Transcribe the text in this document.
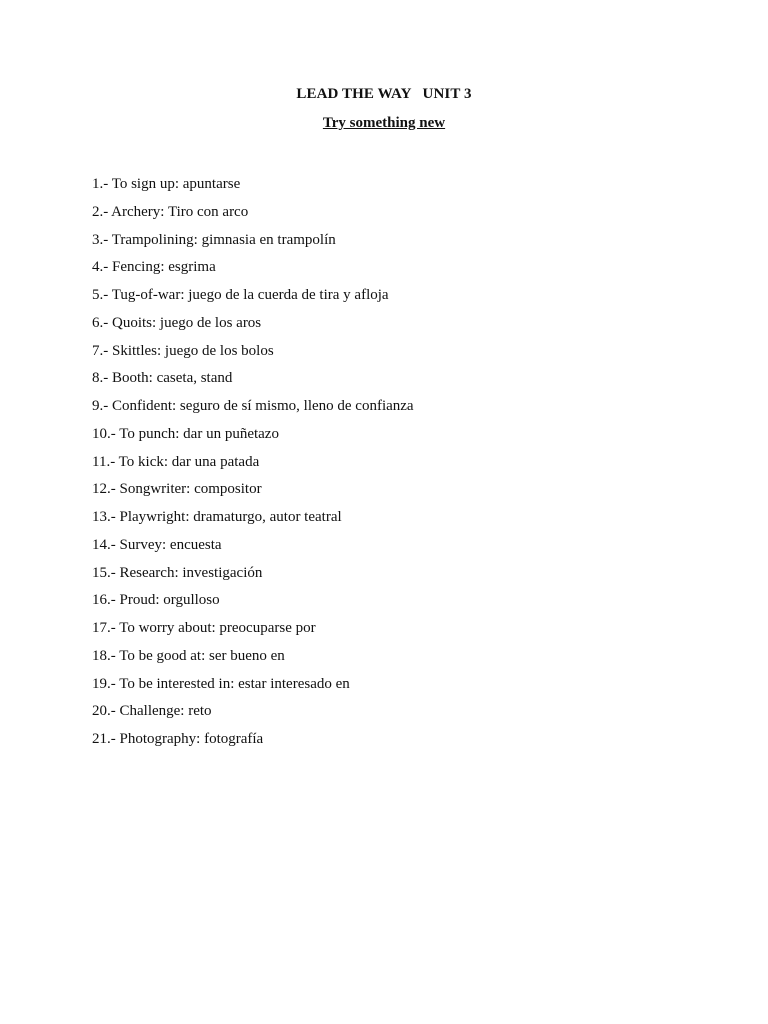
LEAD THE WAY   UNIT 3
Try something new
1.- To sign up: apuntarse
2.- Archery: Tiro con arco
3.- Trampolining: gimnasia en trampolín
4.- Fencing: esgrima
5.- Tug-of-war: juego de la cuerda de tira y afloja
6.- Quoits: juego de los aros
7.- Skittles: juego de los bolos
8.- Booth: caseta, stand
9.- Confident: seguro de sí mismo, lleno de confianza
10.- To punch: dar un puñetazo
11.- To kick: dar una patada
12.- Songwriter: compositor
13.- Playwright: dramaturgo, autor teatral
14.- Survey: encuesta
15.- Research: investigación
16.- Proud: orgulloso
17.- To worry about: preocuparse por
18.- To be good at: ser bueno en
19.- To be interested in: estar interesado en
20.- Challenge: reto
21.- Photography: fotografía
